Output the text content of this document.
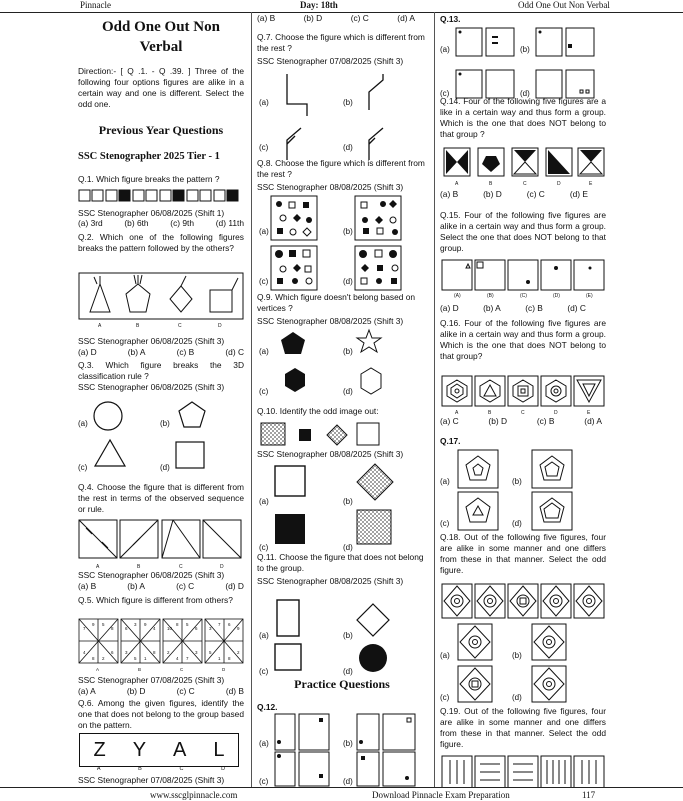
Pinnacle	Day: 18th	Odd One Out Non Verbal

Odd One Out Non

Verbal

Direction:- [ Q .1. - Q .39. ] Three of the following four options figures are alike in a certain way and one is different. Select the odd one.

Previous Year Questions

SSC Stenographer 2025 Tier - 1

Q.1. Which figure breaks the pattern ?

SSC Stenographer 06/08/2025 (Shift 1)

(a) 3rd	(b) 6th	(c) 9th	(d) 11th

Q.2. Which one of the following figures breaks the pattern followed by the others?

A	B	C	D

SSC Stenographer 06/08/2025 (Shift 3)

(a) D	(b) A	(c) B	(d) C

Q.3. Which figure breaks the 3D classification rule ?

SSC Stenographer 06/08/2025 (Shift 3)

(a)	(b)
(c)	(d)

Q.4. Choose the figure that is different from the rest in terms of the observed sequence or rule.

A	B	C	D

SSC Stenographer 06/08/2025 (Shift 3)

(a) B	(b) A	(c) C	(d) D

Q.5. Which figure is different from others?

7
9 5
8
4	6
8 2
6
3 9
4
3	8
5 1
10
8 5
6
2	3
4 7
3
7 6
9
5	2
1 8
A	B	C	D

SSC Stenographer 07/08/2025 (Shift 3)

(a) A	(b) D	(c) C	(d) B

Q.6. Among the given figures, identify the one that does not belong to the group based on the pattern.

Z Y A L
A	B	C	D

SSC Stenographer 07/08/2025 (Shift 3)

(a) B	(b) D	(c) C	(d) A

Q.7. Choose the figure which is different from the rest ?

SSC Stenographer 07/08/2025 (Shift 3)

(a)	(b)
(c)	(d)

Q.8. Choose the figure which is different from the rest ?

SSC Stenographer 08/08/2025 (Shift 3)

(a)	(b)
(c)	(d)

Q.9. Which figure doesn't belong based on vertices ?

SSC Stenographer 08/08/2025 (Shift 3)

(a)	(b)
(c)	(d)

Q.10. Identify the odd image out:

SSC Stenographer 08/08/2025 (Shift 3)

(a)	(b)
(c)	(d)

Q.11. Choose the figure that does not belong to the group.

SSC Stenographer 08/08/2025 (Shift 3)

(a)	(b)
(c)	(d)

Practice Questions

Q.12.

(a)	(b)
(c)	(d)

Q.13.

(a)	(b)
(c)	(d)

Q.14. Four of the following five figures are a like in a certain way and thus form a group. Which is the one that does NOT belong to that group ?

A	B	C	D	E

(a) B	(b) D	(c) C	(d) E

Q.15. Four of the following five figures are alike in a certain way and thus form a group. Select the one that does NOT belong to that group.

(A)	(B)	(C)	(D)	(E)

(a) D	(b) A	(c) B	(d) C

Q.16. Four of the following five figures are alike in a certain way and thus form a group. Which is the one that does NOT belong to that group?

A	B	C	D	E

(a) C	(b) D	(c) B	(d) A

Q.17.

(a)	(b)
(c)	(d)

Q.18. Out of the following five figures, four are alike in some manner and one differs from these in that manner. Select the odd figure.

(a)	(b)
(c)	(d)

Q.19. Out of the following five figures, four are alike in some manner and one differs from these in that manner. Select the odd figure.

www.sscglpinnacle.com	Download Pinnacle Exam Preparation	117
